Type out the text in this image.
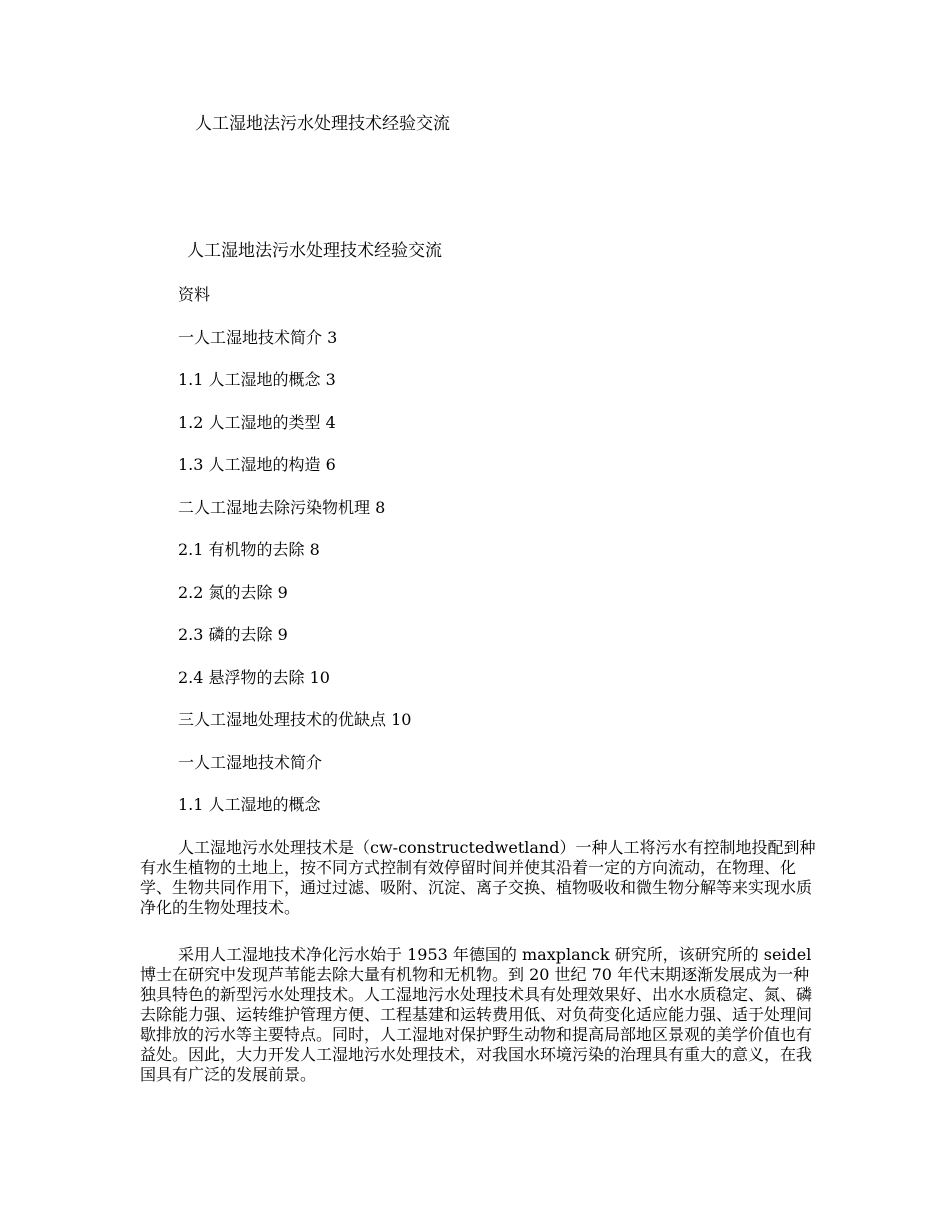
人工湿地法污水处理技术经验交流
人工湿地法污水处理技术经验交流
资料
一人工湿地技术简介 3
1.1 人工湿地的概念 3
1.2 人工湿地的类型 4
1.3 人工湿地的构造 6
二人工湿地去除污染物机理 8
2.1 有机物的去除 8
2.2 氮的去除 9
2.3 磷的去除 9
2.4 悬浮物的去除 10
三人工湿地处理技术的优缺点 10
一人工湿地技术简介
1.1 人工湿地的概念

人工湿地污水处理技术是（cw-constructedwetland）一种人工将污水有控制地投配到种有水生植物的土地上，按不同方式控制有效停留时间并使其沿着一定的方向流动，在物理、化学、生物共同作用下，通过过滤、吸附、沉淀、离子交换、植物吸收和微生物分解等来实现水质净化的生物处理技术。

采用人工湿地技术净化污水始于 1953 年德国的 maxplanck 研究所，该研究所的 seidel 博士在研究中发现芦苇能去除大量有机物和无机物。到 20 世纪 70 年代末期逐渐发展成为一种独具特色的新型污水处理技术。人工湿地污水处理技术具有处理效果好、出水水质稳定、氮、磷去除能力强、运转维护管理方便、工程基建和运转费用低、对负荷变化适应能力强、适于处理间歇排放的污水等主要特点。同时，人工湿地对保护野生动物和提高局部地区景观的美学价值也有益处。因此，大力开发人工湿地污水处理技术，对我国水环境污染的治理具有重大的意义，在我国具有广泛的发展前景。
